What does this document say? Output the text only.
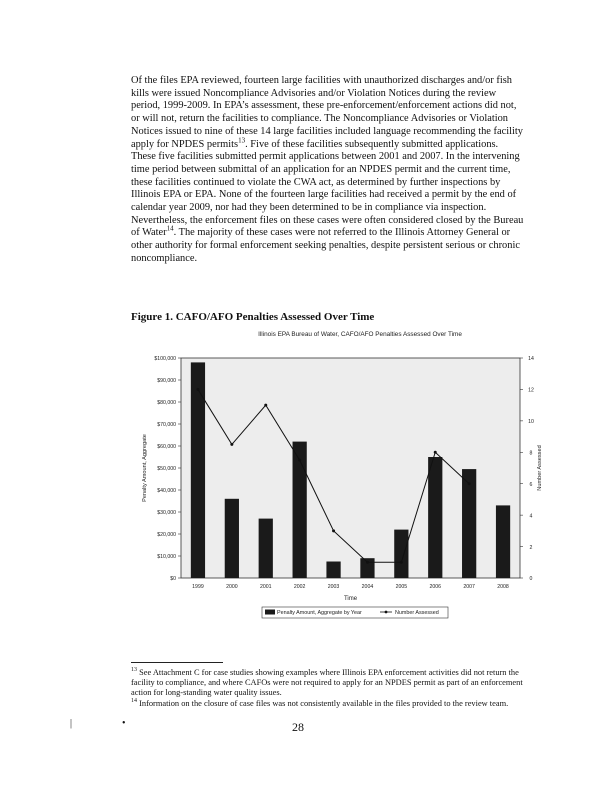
Of the files EPA reviewed, fourteen large facilities with unauthorized discharges and/or fish kills were issued Noncompliance Advisories and/or Violation Notices during the review period, 1999-2009. In EPA’s assessment, these pre-enforcement/enforcement actions did not, or will not, return the facilities to compliance. The Noncompliance Advisories or Violation Notices issued to nine of these 14 large facilities included language recommending the facility apply for NPDES permits$^{13}$. Five of these facilities subsequently submitted applications. These five facilities submitted permit applications between 2001 and 2007. In the intervening time period between submittal of an application for an NPDES permit and the current time, these facilities continued to violate the CWA act, as determined by further inspections by Illinois EPA or EPA. None of the fourteen large facilities had received a permit by the end of calendar year 2009, nor had they been determined to be in compliance via inspection. Nevertheless, the enforcement files on these cases were often considered closed by the Bureau of Water$^{14}$. The majority of these cases were not referred to the Illinois Attorney General or other authority for formal enforcement seeking penalties, despite persistent serious or chronic noncompliance.
Figure 1. CAFO/AFO Penalties Assessed Over Time
Illinois EPA Bureau of Water, CAFO/AFO Penalties Assessed Over Time
$0
$10,000
$20,000
$30,000
$40,000
$50,000
$60,000
$70,000
$80,000
$90,000
$100,000
0
2
4
6
8
10
12
14
1999	2000	2001	2002	2003	2004	2005	2006	2007	2008
Time
Penalty Amount, Aggregate	Number Assessed
Penalty Amount, Aggregate by Year	Number Assessed
$^{13}$ See Attachment C for case studies showing examples where Illinois EPA enforcement activities did not return the facility to compliance, and where CAFOs were not required to apply for an NPDES permit as part of an enforcement action for long-standing water quality issues.
$^{14}$ Information on the closure of case files was not consistently available in the files provided to the review team.
28
|	•
